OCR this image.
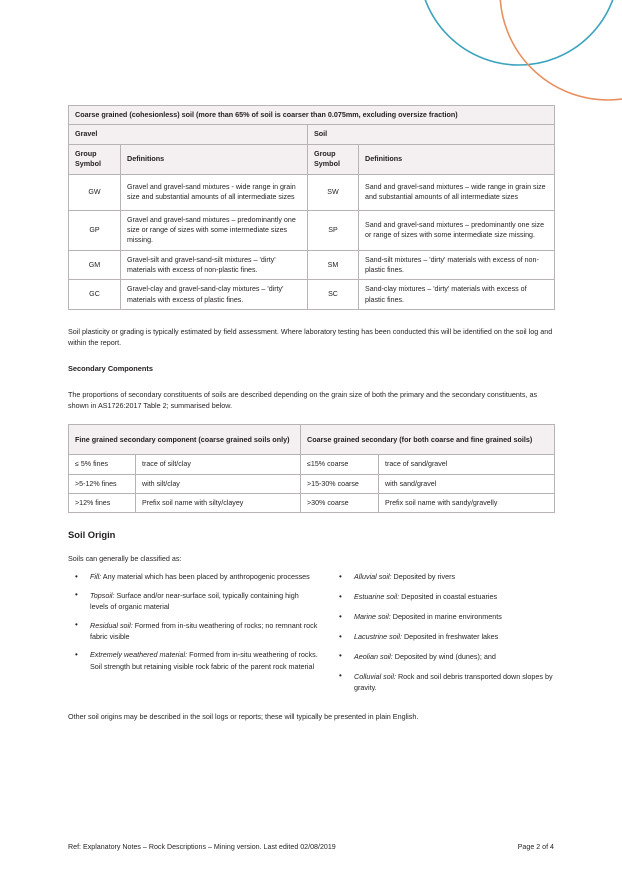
Coarse grained (cohesionless) soil (more than 65% of soil is coarser than 0.075mm, excluding oversize fraction)			
Gravel		Soil	
Group
Symbol	Definitions	Group
Symbol	Definitions
GW	Gravel and gravel-sand mixtures - wide range in grain size and substantial amounts of all intermediate sizes	SW	Sand and gravel-sand mixtures – wide range in grain size and substantial amounts of all intermediate sizes
GP	Gravel and gravel-sand mixtures – predominantly one size or range of sizes with some intermediate sizes missing.	SP	Sand and gravel-sand mixtures – predominantly one size or range of sizes with some intermediate size missing.
GM	Gravel-silt and gravel-sand-silt mixtures – 'dirty' materials with excess of non-plastic fines.	SM	Sand-silt mixtures – 'dirty' materials with excess of non-plastic fines.
GC	Gravel-clay and gravel-sand-clay mixtures – 'dirty' materials with excess of plastic fines.	SC	Sand-clay mixtures – 'dirty' materials with excess of plastic fines.

Soil plasticity or grading is typically estimated by field assessment. Where laboratory testing has been conducted this will be identified on the soil log and within the report.

Secondary Components

The proportions of secondary constituents of soils are described depending on the grain size of both the primary and the secondary constituents, as shown in AS1726:2017 Table 2; summarised below.

Fine grained secondary component (coarse grained soils only)		Coarse grained secondary (for both coarse and fine grained soils)	
≤ 5% fines	trace of silt/clay	≤15% coarse	trace of sand/gravel
>5-12% fines	with silt/clay	>15-30% coarse	with sand/gravel
>12% fines	Prefix soil name with silty/clayey	>30% coarse	Prefix soil name with sandy/gravelly
Soil Origin

Soils can generally be classified as:

• Fill: Any material which has been placed by anthropogenic processes
• Topsoil: Surface and/or near-surface soil, typically containing high levels of organic material
• Residual soil: Formed from in-situ weathering of rocks; no remnant rock fabric visible
• Extremely weathered material: Formed from in-situ weathering of rocks. Soil strength but retaining visible rock fabric of the parent rock material
• Alluvial soil: Deposited by rivers
• Estuarine soil: Deposited in coastal estuaries
• Marine soil: Deposited in marine environments
• Lacustrine soil: Deposited in freshwater lakes
• Aeolian soil: Deposited by wind (dunes); and
• Colluvial soil: Rock and soil debris transported down slopes by gravity.

Other soil origins may be described in the soil logs or reports; these will typically be presented in plain English.

Ref: Explanatory Notes – Rock Descriptions – Mining version. Last edited 02/08/2019	Page 2 of 4
